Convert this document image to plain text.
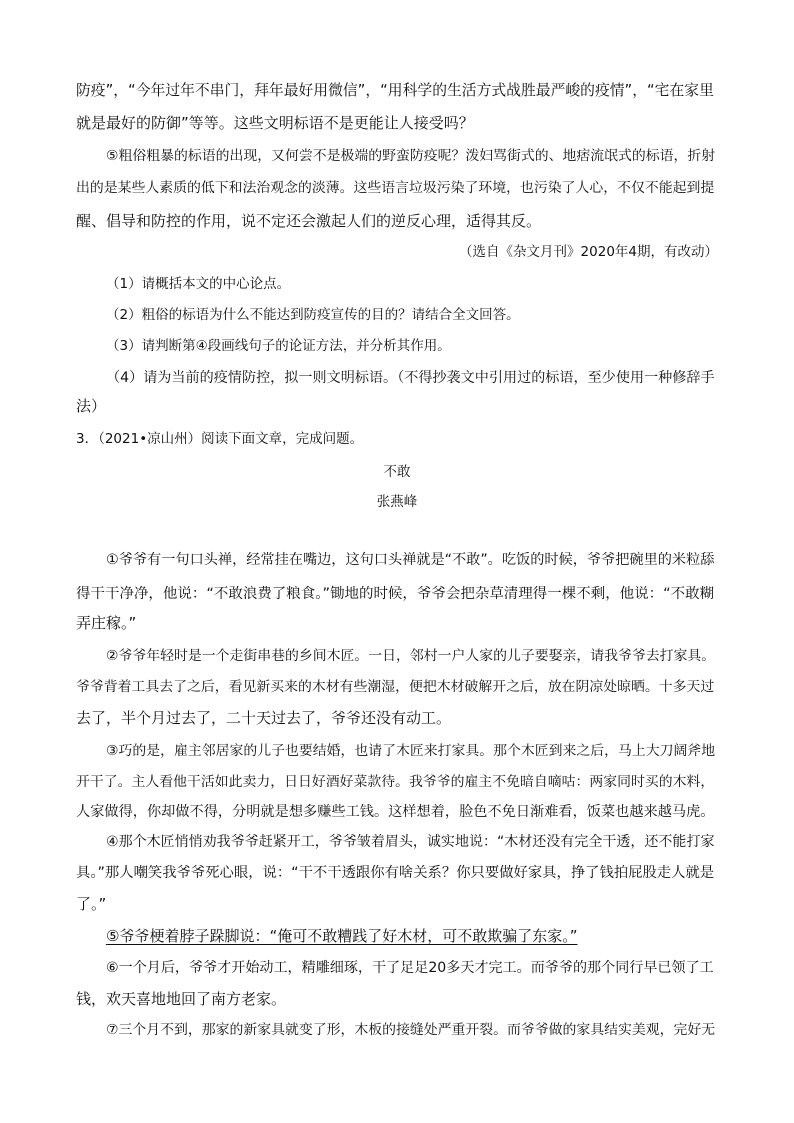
防疫”，“今年过年不串门，拜年最好用微信”，“用科学的生活方式战胜最严峻的疫情”，“宅在家里
就是最好的防御”等等。这些文明标语不是更能让人接受吗？
⑤粗俗粗暴的标语的出现，又何尝不是极端的野蛮防疫呢？泼妇骂街式的、地痞流氓式的标语，折射
出的是某些人素质的低下和法治观念的淡薄。这些语言垃圾污染了环境，也污染了人心，不仅不能起到提
醒、倡导和防控的作用，说不定还会激起人们的逆反心理，适得其反。
（选自《杂文月刊》2020年4期，有改动）
（1）请概括本文的中心论点。
（2）粗俗的标语为什么不能达到防疫宣传的目的？请结合全文回答。
（3）请判断第④段画线句子的论证方法，并分析其作用。
（4）请为当前的疫情防控，拟一则文明标语。（不得抄袭文中引用过的标语，至少使用一种修辞手
法）
3．（2021•凉山州）阅读下面文章，完成问题。
不敢
张燕峰
①爷爷有一句口头禅，经常挂在嘴边，这句口头禅就是“不敢”。吃饭的时候，爷爷把碗里的米粒舔
得干干净净，他说：“不敢浪费了粮食。”锄地的时候，爷爷会把杂草清理得一棵不剩，他说：“不敢糊
弄庄稼。”
②爷爷年轻时是一个走街串巷的乡间木匠。一日，邻村一户人家的儿子要娶亲，请我爷爷去打家具。
爷爷背着工具去了之后，看见新买来的木材有些潮湿，便把木材破解开之后，放在阴凉处晾晒。十多天过
去了，半个月过去了，二十天过去了，爷爷还没有动工。
③巧的是，雇主邻居家的儿子也要结婚，也请了木匠来打家具。那个木匠到来之后，马上大刀阔斧地
开干了。主人看他干活如此卖力，日日好酒好菜款待。我爷爷的雇主不免暗自嘀咕：两家同时买的木料，
人家做得，你却做不得，分明就是想多赚些工钱。这样想着，脸色不免日渐难看，饭菜也越来越马虎。
④那个木匠悄悄劝我爷爷赶紧开工，爷爷皱着眉头，诚实地说：“木材还没有完全干透，还不能打家
具。”那人嘲笑我爷爷死心眼，说：“干不干透跟你有啥关系？你只要做好家具，挣了钱拍屁股走人就是
了。”
⑤爷爷梗着脖子跺脚说：“俺可不敢糟践了好木材，可不敢欺骗了东家。”
⑥一个月后，爷爷才开始动工，精雕细琢，干了足足20多天才完工。而爷爷的那个同行早已领了工
钱，欢天喜地地回了南方老家。
⑦三个月不到，那家的新家具就变了形，木板的接缝处严重开裂。而爷爷做的家具结实美观，完好无
